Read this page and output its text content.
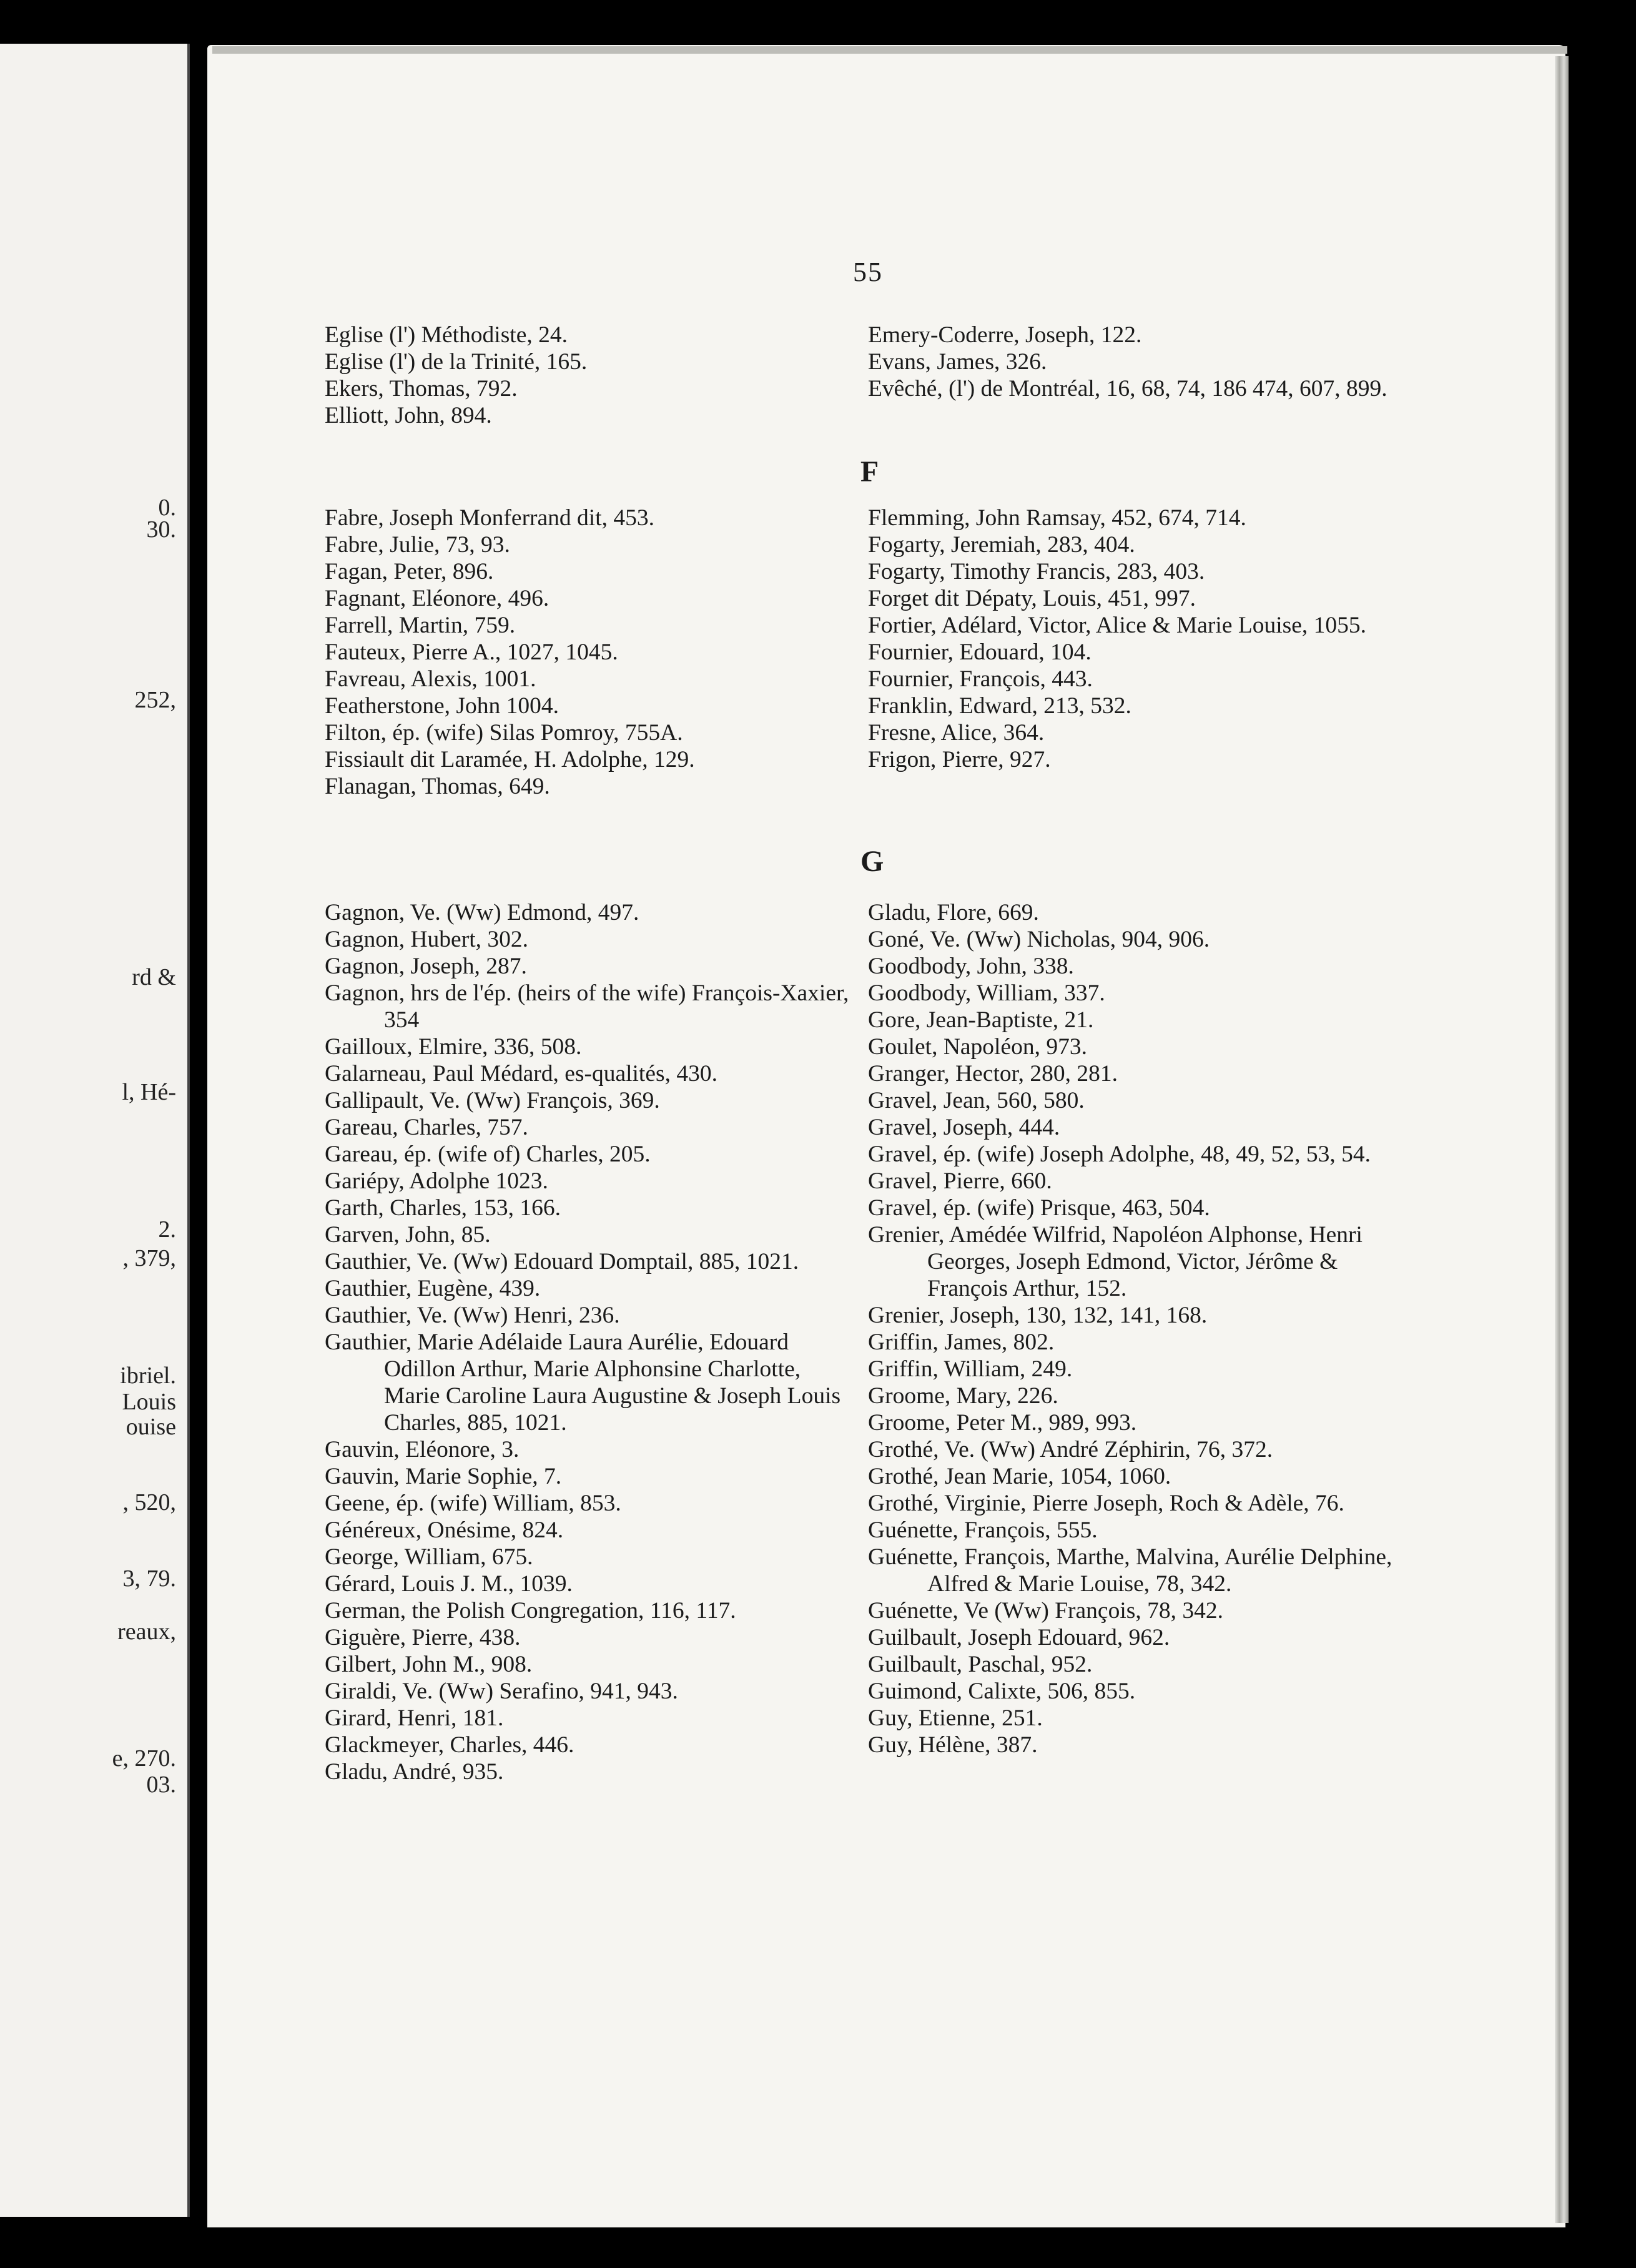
0.
30.
252,
rd &
l, Hé-
2.
, 379,
ibriel.
Louis
ouise
, 520,
3, 79.
reaux,
e, 270.
03.
55
Eglise (l') Méthodiste, 24.
Eglise (l') de la Trinité, 165.
Ekers, Thomas, 792.
Elliott, John, 894.
Emery-Coderre, Joseph, 122.
Evans, James, 326.
Evêché, (l') de Montréal, 16, 68, 74, 186 474, 607, 899.
F
Fabre, Joseph Monferrand dit, 453.
Fabre, Julie, 73, 93.
Fagan, Peter, 896.
Fagnant, Eléonore, 496.
Farrell, Martin, 759.
Fauteux, Pierre A., 1027, 1045.
Favreau, Alexis, 1001.
Featherstone, John 1004.
Filton, ép. (wife) Silas Pomroy, 755A.
Fissiault dit Laramée, H. Adolphe, 129.
Flanagan, Thomas, 649.
Flemming, John Ramsay, 452, 674, 714.
Fogarty, Jeremiah, 283, 404.
Fogarty, Timothy Francis, 283, 403.
Forget dit Dépaty, Louis, 451, 997.
Fortier, Adélard, Victor, Alice & Marie Louise, 1055.
Fournier, Edouard, 104.
Fournier, François, 443.
Franklin, Edward, 213, 532.
Fresne, Alice, 364.
Frigon, Pierre, 927.
G
Gagnon, Ve. (Ww) Edmond, 497.
Gagnon, Hubert, 302.
Gagnon, Joseph, 287.
Gagnon, hrs de l'ép. (heirs of the wife) François-Xaxier, 354
Gailloux, Elmire, 336, 508.
Galarneau, Paul Médard, es-qualités, 430.
Gallipault, Ve. (Ww) François, 369.
Gareau, Charles, 757.
Gareau, ép. (wife of) Charles, 205.
Gariépy, Adolphe 1023.
Garth, Charles, 153, 166.
Garven, John, 85.
Gauthier, Ve. (Ww) Edouard Domptail, 885, 1021.
Gauthier, Eugène, 439.
Gauthier, Ve. (Ww) Henri, 236.
Gauthier, Marie Adélaide Laura Aurélie, Edouard Odillon Arthur, Marie Alphonsine Charlotte, Marie Caroline Laura Augustine & Joseph Louis Charles, 885, 1021.
Gauvin, Eléonore, 3.
Gauvin, Marie Sophie, 7.
Geene, ép. (wife) William, 853.
Généreux, Onésime, 824.
George, William, 675.
Gérard, Louis J. M., 1039.
German, the Polish Congregation, 116, 117.
Giguère, Pierre, 438.
Gilbert, John M., 908.
Giraldi, Ve. (Ww) Serafino, 941, 943.
Girard, Henri, 181.
Glackmeyer, Charles, 446.
Gladu, André, 935.
Gladu, Flore, 669.
Goné, Ve. (Ww) Nicholas, 904, 906.
Goodbody, John, 338.
Goodbody, William, 337.
Gore, Jean-Baptiste, 21.
Goulet, Napoléon, 973.
Granger, Hector, 280, 281.
Gravel, Jean, 560, 580.
Gravel, Joseph, 444.
Gravel, ép. (wife) Joseph Adolphe, 48, 49, 52, 53, 54.
Gravel, Pierre, 660.
Gravel, ép. (wife) Prisque, 463, 504.
Grenier, Amédée Wilfrid, Napoléon Alphonse, Henri Georges, Joseph Edmond, Victor, Jérôme & François Arthur, 152.
Grenier, Joseph, 130, 132, 141, 168.
Griffin, James, 802.
Griffin, William, 249.
Groome, Mary, 226.
Groome, Peter M., 989, 993.
Grothé, Ve. (Ww) André Zéphirin, 76, 372.
Grothé, Jean Marie, 1054, 1060.
Grothé, Virginie, Pierre Joseph, Roch & Adèle, 76.
Guénette, François, 555.
Guénette, François, Marthe, Malvina, Aurélie Delphine, Alfred & Marie Louise, 78, 342.
Guénette, Ve (Ww) François, 78, 342.
Guilbault, Joseph Edouard, 962.
Guilbault, Paschal, 952.
Guimond, Calixte, 506, 855.
Guy, Etienne, 251.
Guy, Hélène, 387.
